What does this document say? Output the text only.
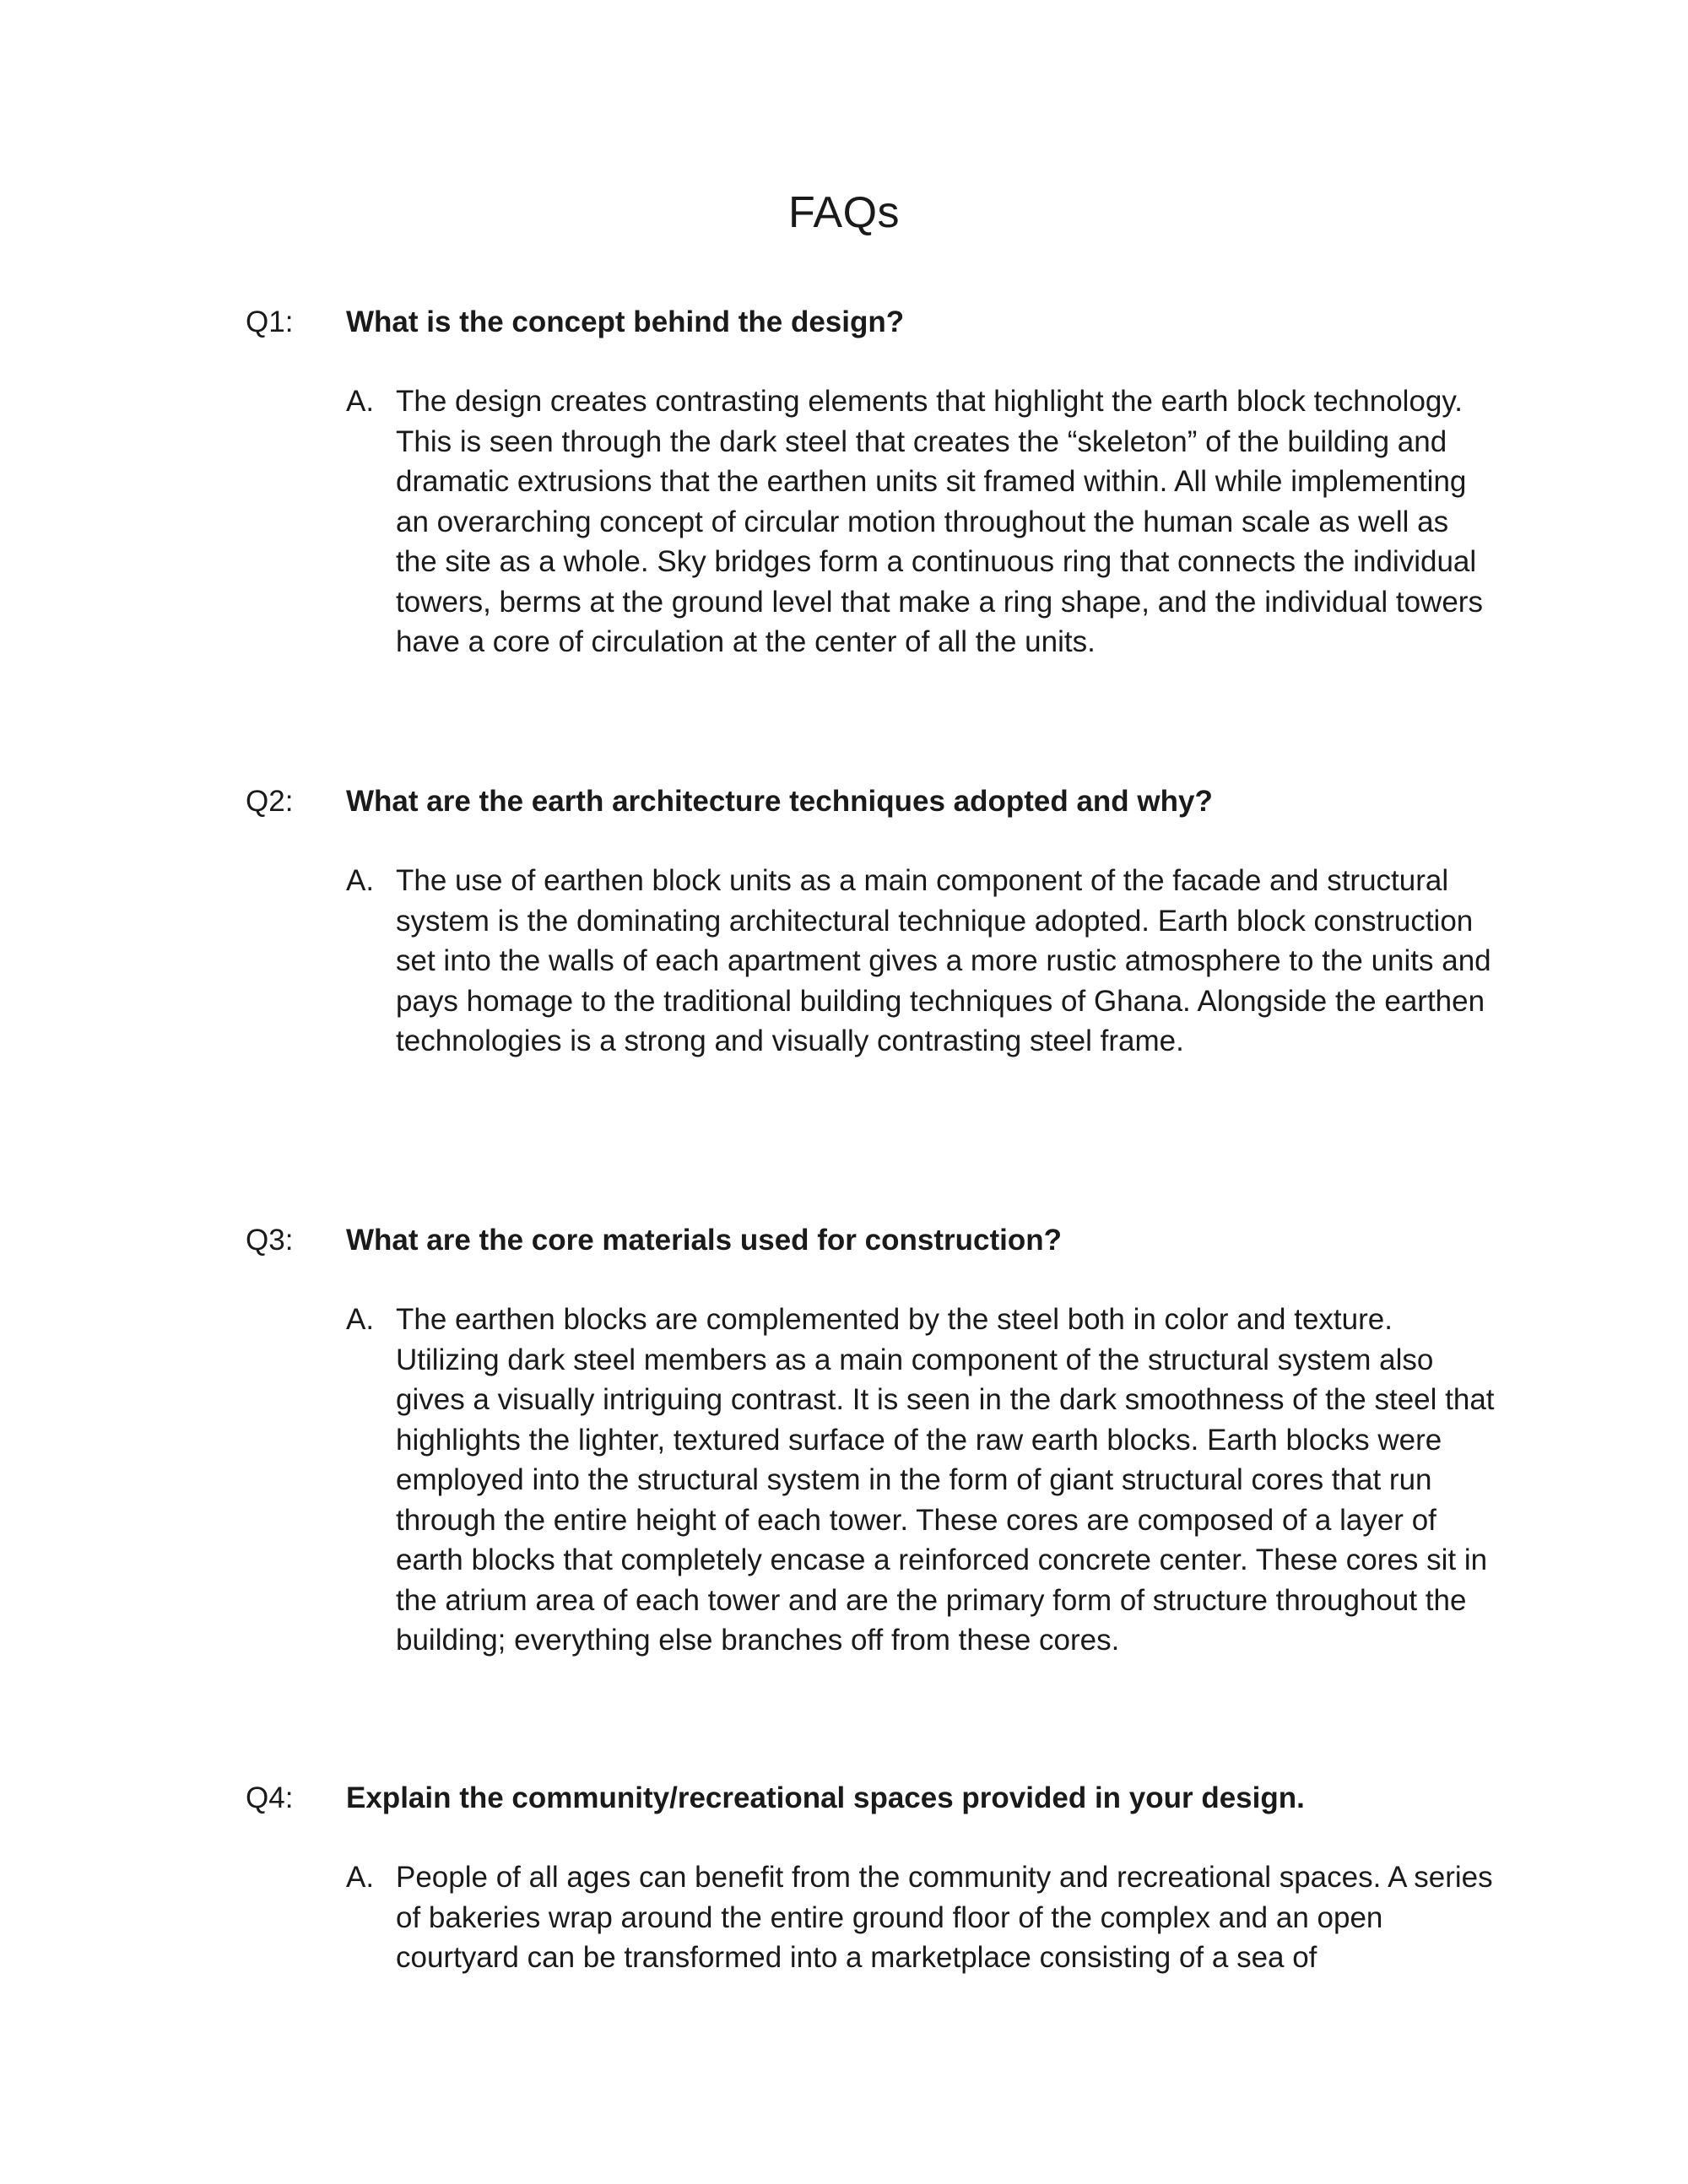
FAQs
Q1: What is the concept behind the design?
A. The design creates contrasting elements that highlight the earth block technology. This is seen through the dark steel that creates the “skeleton” of the building and dramatic extrusions that the earthen units sit framed within. All while implementing an overarching concept of circular motion throughout the human scale as well as the site as a whole. Sky bridges form a continuous ring that connects the individual towers, berms at the ground level that make a ring shape, and the individual towers have a core of circulation at the center of all the units.

Q2: What are the earth architecture techniques adopted and why?
A. The use of earthen block units as a main component of the facade and structural system is the dominating architectural technique adopted. Earth block construction set into the walls of each apartment gives a more rustic atmosphere to the units and pays homage to the traditional building techniques of Ghana. Alongside the earthen technologies is a strong and visually contrasting steel frame.

Q3: What are the core materials used for construction?
A. The earthen blocks are complemented by the steel both in color and texture. Utilizing dark steel members as a main component of the structural system also gives a visually intriguing contrast. It is seen in the dark smoothness of the steel that highlights the lighter, textured surface of the raw earth blocks. Earth blocks were employed into the structural system in the form of giant structural cores that run through the entire height of each tower. These cores are composed of a layer of earth blocks that completely encase a reinforced concrete center. These cores sit in the atrium area of each tower and are the primary form of structure throughout the building; everything else branches off from these cores.

Q4: Explain the community/recreational spaces provided in your design.
A. People of all ages can benefit from the community and recreational spaces. A series of bakeries wrap around the entire ground floor of the complex and an open courtyard can be transformed into a marketplace consisting of a sea of
